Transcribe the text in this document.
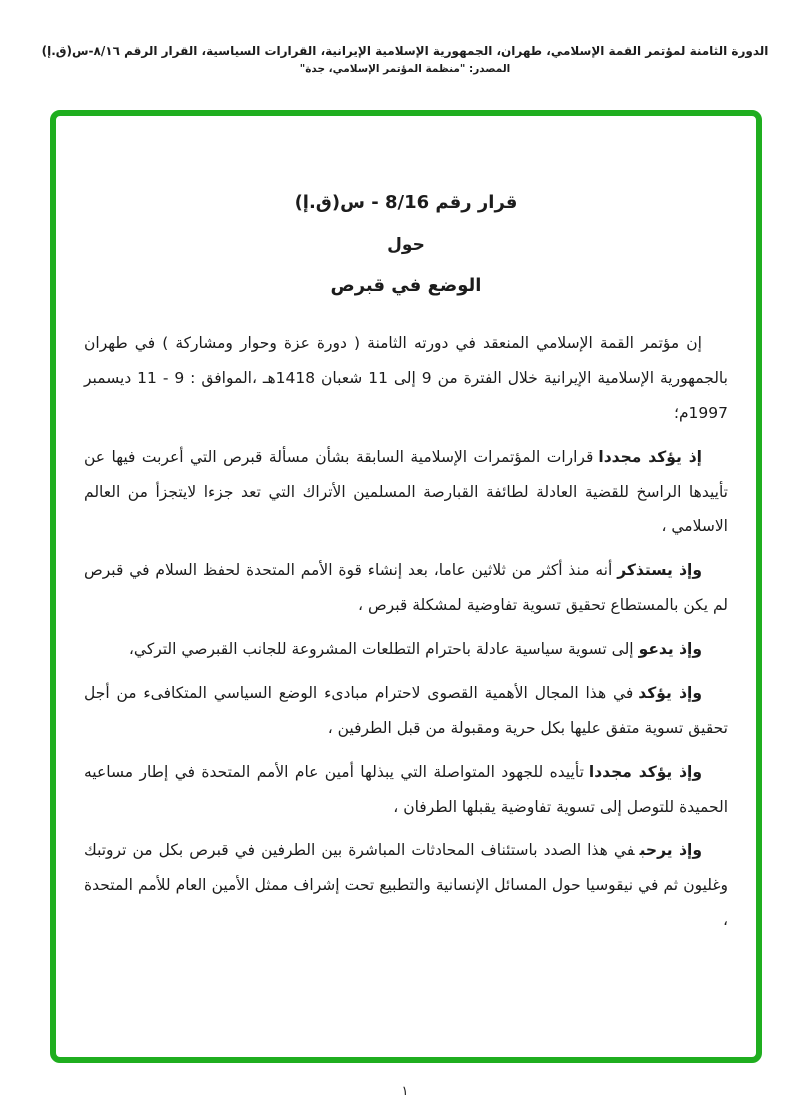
الدورة الثامنة لمؤتمر القمة الإسلامي، طهران، الجمهورية الإسلامية الإيرانية، القرارات السياسية، القرار الرقم ٨/١٦-س(ق.إ)
المصدر: "منظمة المؤتمر الإسلامي، جدة"
قرار رقم 8/16 - س(ق.إ)
حول
الوضع في قبرص

إن مؤتمر القمة الإسلامي المنعقد في دورته الثامنة ( دورة عزة وحوار ومشاركة ) في طهران بالجمهورية الإسلامية الإيرانية خلال الفترة من 9 إلى 11 شعبان 1418هـ ،الموافق : 9 - 11 ديسمبر 1997م؛

إذ يؤكد مجدداقرارات المؤتمرات الإسلامية السابقة بشأن مسألة قبرص التي أعربت فيها عن تأييدها الراسخ للقضية العادلة لطائفة القبارصة المسلمين الأتراك التي تعد جزءا لايتجزأ من العالم الاسلامي ،

وإذ يستذكرأنه منذ أكثر من ثلاثين عاما، بعد إنشاء قوة الأمم المتحدة لحفظ السلام في قبرص لم يكن بالمستطاع تحقيق تسوية تفاوضية لمشكلة قبرص ،

وإذ يدعوإلى تسوية سياسية عادلة باحترام التطلعات المشروعة للجانب القبرصي التركي،

وإذ يؤكدفي هذا المجال الأهمية القصوى لاحترام مبادىء الوضع السياسي المتكافىء من أجل تحقيق تسوية متفق عليها بكل حرية ومقبولة من قبل الطرفين ،

وإذ يؤكد مجدداتأييده للجهود المتواصلة التي يبذلها أمين عام الأمم المتحدة في إطار مساعيه الحميدة للتوصل إلى تسوية تفاوضية يقبلها الطرفان ،

وإذ يرحبفي هذا الصدد باستئناف المحادثات المباشرة بين الطرفين في قبرص بكل من تروتبك وغليون ثم في نيقوسيا حول المسائل الإنسانية والتطبيع تحت إشراف ممثل الأمين العام للأمم المتحدة ،

١
